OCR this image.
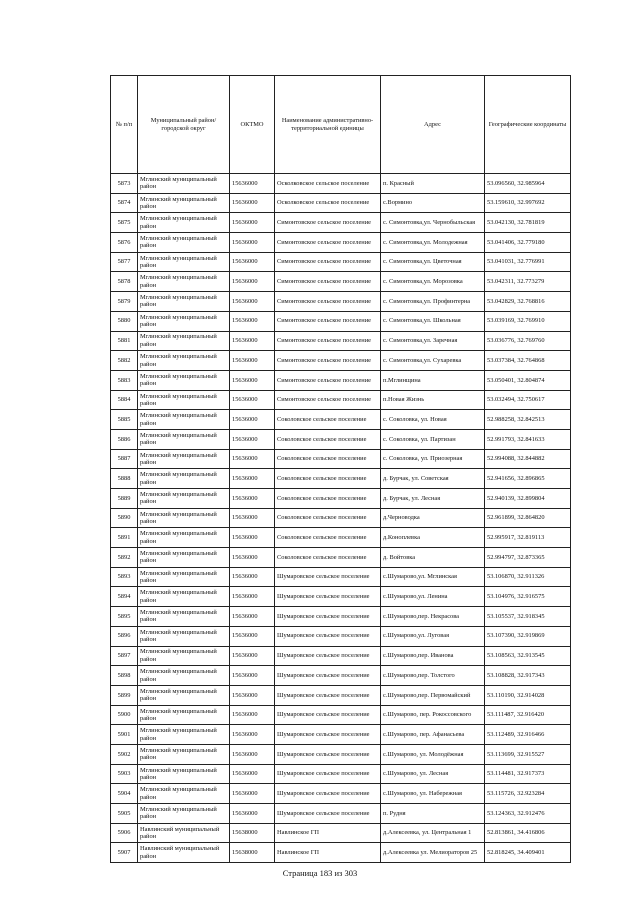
№ п/п	Муниципальный район/городской округ	ОКТМО	Наименование административно-территориальной единицы	Адрес	Географические координаты
5873	Мглинский муниципальный район	15636000	Осколковское сельское поселение	п. Красный	53.096560, 32.985964
5874	Мглинский муниципальный район	15636000	Осколковское сельское поселение	с.Вормино	53.159610, 32.997692
5875	Мглинский муниципальный район	15636000	Симонтовское сельское поселение	с. Симонтовка,ул. Чернобыльская	53.042130, 32.781819
5876	Мглинский муниципальный район	15636000	Симонтовское сельское поселение	с. Симонтовка,ул. Молодежная	53.041406, 32.779180
5877	Мглинский муниципальный район	15636000	Симонтовское сельское поселение	с. Симонтовка,ул. Цветочная	53.041031, 32.776991
5878	Мглинский муниципальный район	15636000	Симонтовское сельское поселение	с. Симонтовка,ул. Морозовка	53.042311, 32.773279
5879	Мглинский муниципальный район	15636000	Симонтовское сельское поселение	с. Симонтовка,ул. Профинтерна	53.042829, 32.768816
5880	Мглинский муниципальный район	15636000	Симонтовское сельское поселение	с. Симонтовка,ул. Школьная	53.039169, 32.769910
5881	Мглинский муниципальный район	15636000	Симонтовское сельское поселение	с. Симонтовка,ул. Заречная	53.036776, 32.769760
5882	Мглинский муниципальный район	15636000	Симонтовское сельское поселение	с. Симонтовка,ул. Сухаревка	53.037384, 32.764868
5883	Мглинский муниципальный район	15636000	Симонтовское сельское поселение	п.Мглинщина	53.050401, 32.804874
5884	Мглинский муниципальный район	15636000	Симонтовское сельское поселение	п.Новая Жизнь	53.032494, 32.750617
5885	Мглинский муниципальный район	15636000	Соколовское сельское поселение	с. Соколовка, ул. Новая	52.988258, 32.842513
5886	Мглинский муниципальный район	15636000	Соколовское сельское поселение	с. Соколовка, ул. Партизан	52.991793, 32.841633
5887	Мглинский муниципальный район	15636000	Соколовское сельское поселение	с. Соколовка, ул. Приозерная	52.994088, 32.844882
5888	Мглинский муниципальный район	15636000	Соколовское сельское поселение	д. Бурчак, ул. Советская	52.941656, 32.896865
5889	Мглинский муниципальный район	15636000	Соколовское сельское поселение	д. Бурчак, ул. Лесная	52.940139, 32.899804
5890	Мглинский муниципальный район	15636000	Соколовское сельское поселение	д.Черноводка	52.961899, 32.864820
5891	Мглинский муниципальный район	15636000	Соколовское сельское поселение	д.Коноплевка	52.995917, 32.819113
5892	Мглинский муниципальный район	15636000	Соколовское сельское поселение	д. Войтовка	52.994797, 32.873365
5893	Мглинский муниципальный район	15636000	Шумаровское сельское поселение	с.Шумарово,ул. Мглинская	53.106870, 32.911326
5894	Мглинский муниципальный район	15636000	Шумаровское сельское поселение	с.Шумарово,ул. Ленина	53.104976, 32.916575
5895	Мглинский муниципальный район	15636000	Шумаровское сельское поселение	с.Шумарово,пер. Некрасова	53.105537, 32.918345
5896	Мглинский муниципальный район	15636000	Шумаровское сельское поселение	с.Шумарово,ул. Луговая	53.107390, 32.919869
5897	Мглинский муниципальный район	15636000	Шумаровское сельское поселение	с.Шумарово,пер. Иванова	53.108563, 32.913545
5898	Мглинский муниципальный район	15636000	Шумаровское сельское поселение	с.Шумарово,пер. Толстого	53.108828, 32.917343
5899	Мглинский муниципальный район	15636000	Шумаровское сельское поселение	с.Шумарово,пер. Первомайский	53.110190, 32.914028
5900	Мглинский муниципальный район	15636000	Шумаровское сельское поселение	с.Шумарово, пер. Рокоссовского	53.111487, 32.916420
5901	Мглинский муниципальный район	15636000	Шумаровское сельское поселение	с.Шумарово, пер. Афанасьева	53.112489, 32.916466
5902	Мглинский муниципальный район	15636000	Шумаровское сельское поселение	с.Шумарово, ул. Молодёжная	53.113699, 32.915527
5903	Мглинский муниципальный район	15636000	Шумаровское сельское поселение	с.Шумарово, ул. Лесная	53.114481, 32.917373
5904	Мглинский муниципальный район	15636000	Шумаровское сельское поселение	с.Шумарово, ул. Набережная	53.115726, 32.923284
5905	Мглинский муниципальный район	15636000	Шумаровское сельское поселение	п. Рудня	53.124363, 32.912476
5906	Навлинский муниципальный район	15638000	Навлинское ГП	д.Алексеевка, ул. Центральная 1	52.813861, 34.416806
5907	Навлинский муниципальный район	15638000	Навлинское ГП	д.Алексеевка ул. Мелиораторов 25	52.818245, 34.409401
Страница 183 из 303
